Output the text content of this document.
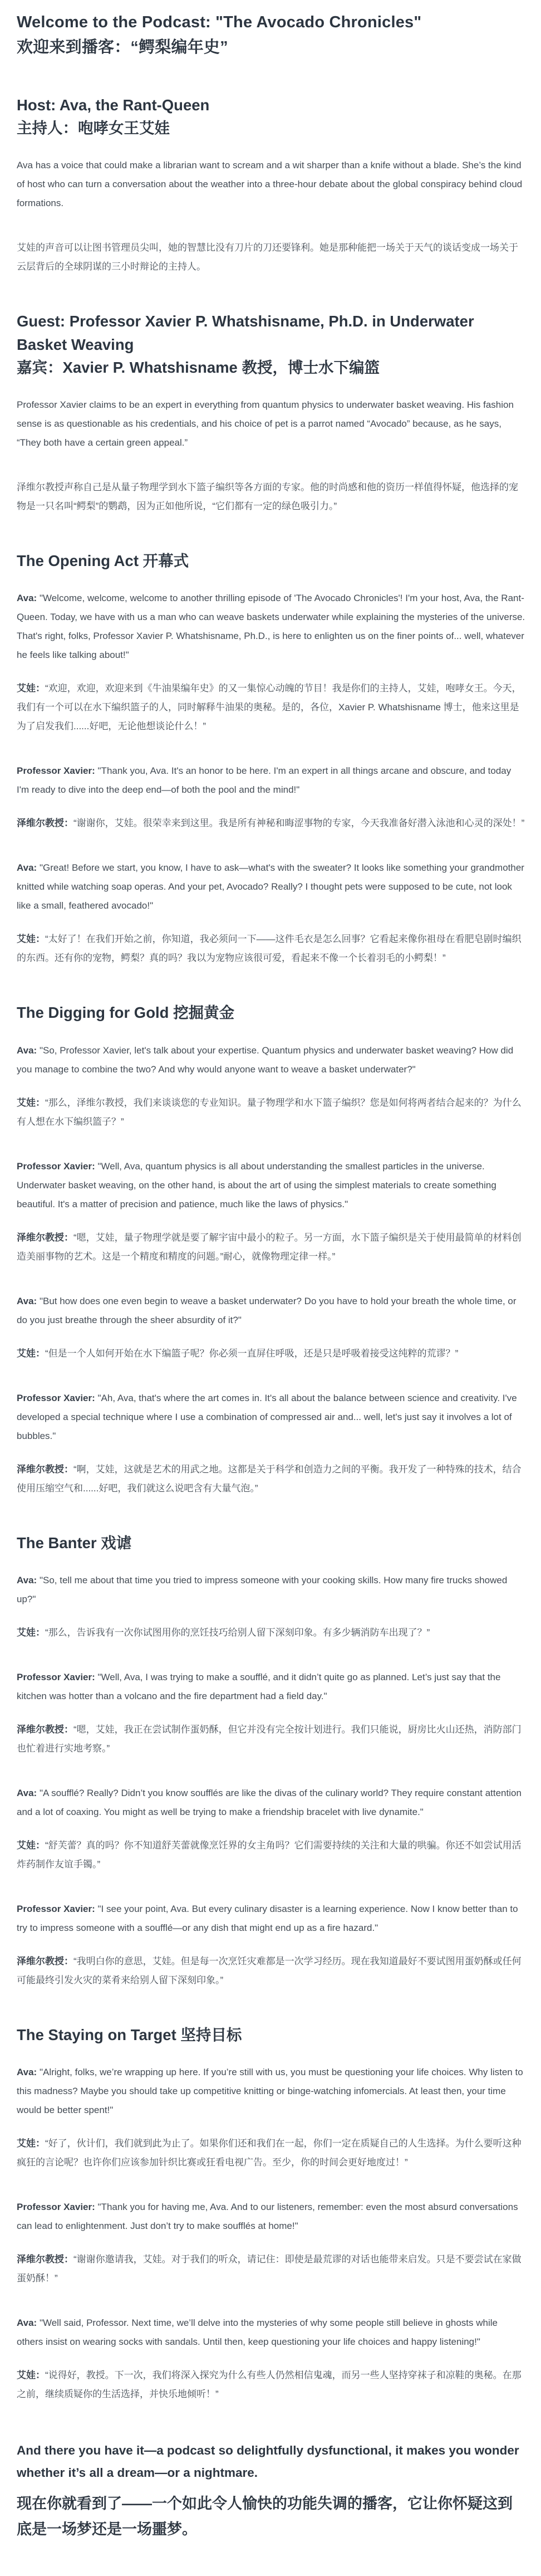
Welcome to the Podcast: "The Avocado Chronicles"
欢迎来到播客：“鳄梨编年史”
Host: Ava, the Rant-Queen
主持人：咆哮女王艾娃

Ava has a voice that could make a librarian want to scream and a wit sharper than a knife without a blade. She’s the kind of host who can turn a conversation about the weather into a three-hour debate about the global conspiracy behind cloud formations.

艾娃的声音可以让图书管理员尖叫，她的智慧比没有刀片的刀还要锋利。她是那种能把一场关于天气的谈话变成一场关于云层背后的全球阴谋的三小时辩论的主持人。

Guest: Professor Xavier P. Whatshisname, Ph.D. in Underwater Basket Weaving
嘉宾：Xavier P. Whatshisname 教授，博士水下编篮

Professor Xavier claims to be an expert in everything from quantum physics to underwater basket weaving. His fashion sense is as questionable as his credentials, and his choice of pet is a parrot named “Avocado” because, as he says, “They both have a certain green appeal.”

泽维尔教授声称自己是从量子物理学到水下篮子编织等各方面的专家。他的时尚感和他的资历一样值得怀疑，他选择的宠物是一只名叫“鳄梨”的鹦鹉，因为正如他所说，“它们都有一定的绿色吸引力。”

The Opening Act 开幕式

Ava: "Welcome, welcome, welcome to another thrilling episode of 'The Avocado Chronicles'! I'm your host, Ava, the Rant-Queen. Today, we have with us a man who can weave baskets underwater while explaining the mysteries of the universe. That's right, folks, Professor Xavier P. Whatshisname, Ph.D., is here to enlighten us on the finer points of... well, whatever he feels like talking about!"

艾娃：“欢迎，欢迎，欢迎来到《牛油果编年史》的又一集惊心动魄的节目！我是你们的主持人，艾娃，咆哮女王。今天，我们有一个可以在水下编织篮子的人，同时解释牛油果的奥秘。是的，各位，Xavier P. Whatshisname 博士，他来这里是为了启发我们......好吧，无论他想谈论什么！”

Professor Xavier: "Thank you, Ava. It's an honor to be here. I'm an expert in all things arcane and obscure, and today I'm ready to dive into the deep end—of both the pool and the mind!"

泽维尔教授：“谢谢你，艾娃。很荣幸来到这里。我是所有神秘和晦涩事物的专家，今天我准备好潜入泳池和心灵的深处！”

Ava: "Great! Before we start, you know, I have to ask—what's with the sweater? It looks like something your grandmother knitted while watching soap operas. And your pet, Avocado? Really? I thought pets were supposed to be cute, not look like a small, feathered avocado!"

艾娃：“太好了！在我们开始之前，你知道，我必须问一下——这件毛衣是怎么回事？它看起来像你祖母在看肥皂剧时编织的东西。还有你的宠物，鳄梨？真的吗？我以为宠物应该很可爱，看起来不像一个长着羽毛的小鳄梨！”

The Digging for Gold 挖掘黄金

Ava: "So, Professor Xavier, let's talk about your expertise. Quantum physics and underwater basket weaving? How did you manage to combine the two? And why would anyone want to weave a basket underwater?"

艾娃：“那么，泽维尔教授，我们来谈谈您的专业知识。量子物理学和水下篮子编织？您是如何将两者结合起来的？为什么有人想在水下编织篮子？”

Professor Xavier: "Well, Ava, quantum physics is all about understanding the smallest particles in the universe. Underwater basket weaving, on the other hand, is about the art of using the simplest materials to create something beautiful. It's a matter of precision and patience, much like the laws of physics."

泽维尔教授：“嗯，艾娃，量子物理学就是要了解宇宙中最小的粒子。另一方面，水下篮子编织是关于使用最简单的材料创造美丽事物的艺术。这是一个精度和精度的问题。”耐心，就像物理定律一样。”

Ava: "But how does one even begin to weave a basket underwater? Do you have to hold your breath the whole time, or do you just breathe through the sheer absurdity of it?"

艾娃：“但是一个人如何开始在水下编篮子呢？你必须一直屏住呼吸，还是只是呼吸着接受这纯粹的荒谬？”

Professor Xavier: "Ah, Ava, that's where the art comes in. It's all about the balance between science and creativity. I've developed a special technique where I use a combination of compressed air and... well, let's just say it involves a lot of bubbles."

泽维尔教授：“啊，艾娃，这就是艺术的用武之地。这都是关于科学和创造力之间的平衡。我开发了一种特殊的技术，结合使用压缩空气和......好吧，我们就这么说吧含有大量气泡。”

The Banter 戏谑

Ava: "So, tell me about that time you tried to impress someone with your cooking skills. How many fire trucks showed up?"

艾娃：“那么，告诉我有一次你试图用你的烹饪技巧给别人留下深刻印象。有多少辆消防车出现了？”

Professor Xavier: "Well, Ava, I was trying to make a soufflé, and it didn’t quite go as planned. Let’s just say that the kitchen was hotter than a volcano and the fire department had a field day."

泽维尔教授：“嗯，艾娃，我正在尝试制作蛋奶酥，但它并没有完全按计划进行。我们只能说，厨房比火山还热，消防部门也忙着进行实地考察。”

Ava: "A soufflé? Really? Didn’t you know soufflés are like the divas of the culinary world? They require constant attention and a lot of coaxing. You might as well be trying to make a friendship bracelet with live dynamite."

艾娃：“舒芙蕾？真的吗？你不知道舒芙蕾就像烹饪界的女主角吗？它们需要持续的关注和大量的哄骗。你还不如尝试用活炸药制作友谊手镯。”

Professor Xavier: "I see your point, Ava. But every culinary disaster is a learning experience. Now I know better than to try to impress someone with a soufflé—or any dish that might end up as a fire hazard."

泽维尔教授：“我明白你的意思，艾娃。但是每一次烹饪灾难都是一次学习经历。现在我知道最好不要试图用蛋奶酥或任何可能最终引发火灾的菜肴来给别人留下深刻印象。”

The Staying on Target 坚持目标

Ava: "Alright, folks, we’re wrapping up here. If you’re still with us, you must be questioning your life choices. Why listen to this madness? Maybe you should take up competitive knitting or binge-watching infomercials. At least then, your time would be better spent!"

艾娃：“好了，伙计们，我们就到此为止了。如果你们还和我们在一起，你们一定在质疑自己的人生选择。为什么要听这种疯狂的言论呢？也许你们应该参加针织比赛或狂看电视广告。至少，你的时间会更好地度过！”

Professor Xavier: "Thank you for having me, Ava. And to our listeners, remember: even the most absurd conversations can lead to enlightenment. Just don’t try to make soufflés at home!"

泽维尔教授：“谢谢你邀请我，艾娃。对于我们的听众，请记住：即使是最荒谬的对话也能带来启发。只是不要尝试在家做蛋奶酥！”

Ava: "Well said, Professor. Next time, we’ll delve into the mysteries of why some people still believe in ghosts while others insist on wearing socks with sandals. Until then, keep questioning your life choices and happy listening!"

艾娃：“说得好，教授。下一次，我们将深入探究为什么有些人仍然相信鬼魂，而另一些人坚持穿袜子和凉鞋的奥秘。在那之前，继续质疑你的生活选择，并快乐地倾听！”

And there you have it—a podcast so delightfully dysfunctional, it makes you wonder whether it’s all a dream—or a nightmare.

现在你就看到了——一个如此令人愉快的功能失调的播客，它让你怀疑这到底是一场梦还是一场噩梦。
